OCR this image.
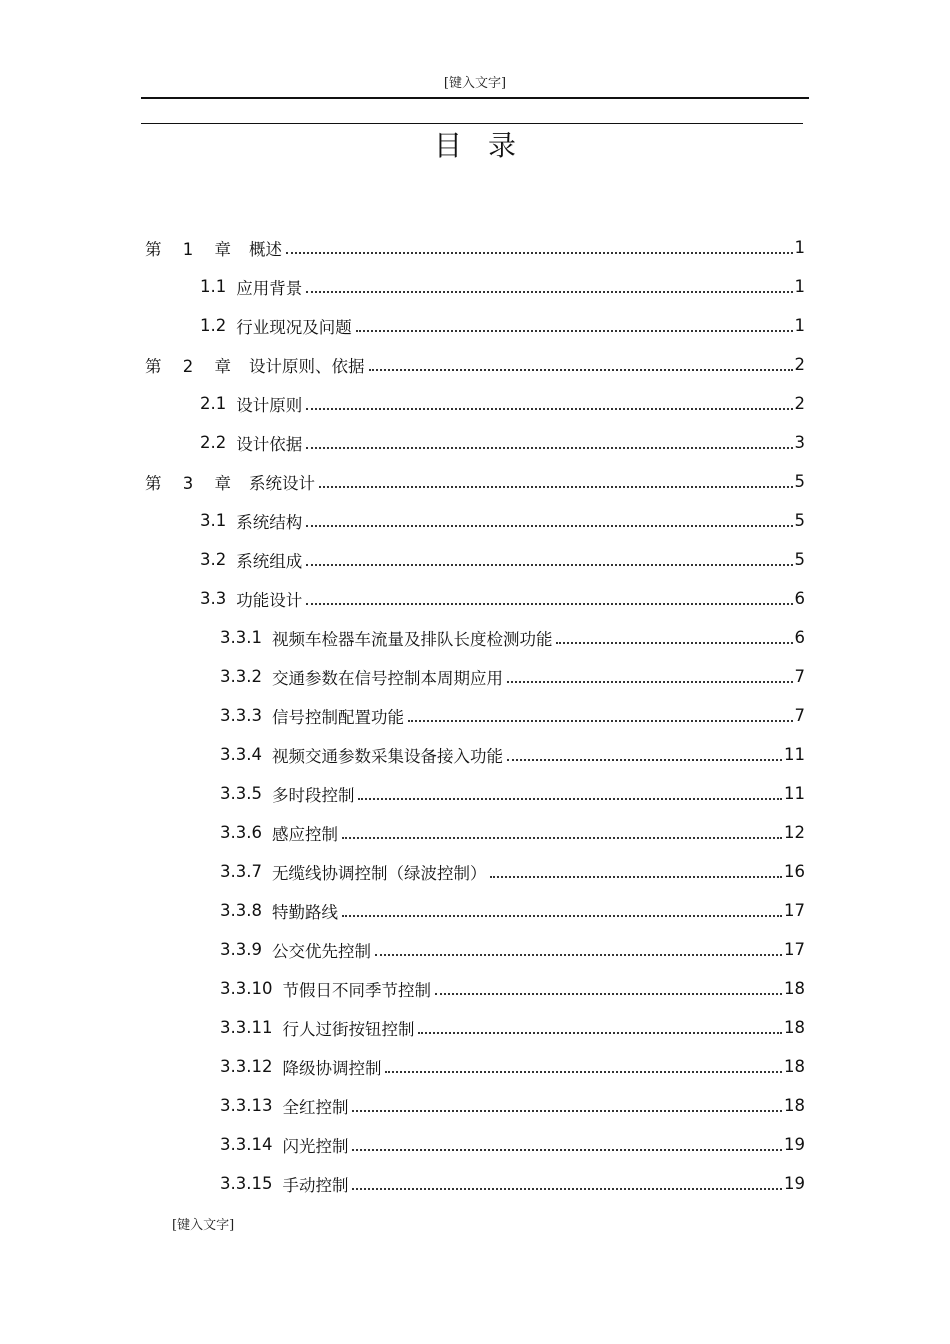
[键入文字]
目录
第 1 章 概述	1
1.1 应用背景	1
1.2 行业现况及问题	1
第 2 章 设计原则、依据	2
2.1 设计原则	2
2.2 设计依据	3
第 3 章 系统设计	5
3.1 系统结构	5
3.2 系统组成	5
3.3 功能设计	6
3.3.1 视频车检器车流量及排队长度检测功能	6
3.3.2 交通参数在信号控制本周期应用	7
3.3.3 信号控制配置功能	7
3.3.4 视频交通参数采集设备接入功能	11
3.3.5 多时段控制	11
3.3.6 感应控制	12
3.3.7 无缆线协调控制（绿波控制）	16
3.3.8 特勤路线	17
3.3.9 公交优先控制	17
3.3.10 节假日不同季节控制	18
3.3.11 行人过街按钮控制	18
3.3.12 降级协调控制	18
3.3.13 全红控制	18
3.3.14 闪光控制	19
3.3.15 手动控制	19
[键入文字]
